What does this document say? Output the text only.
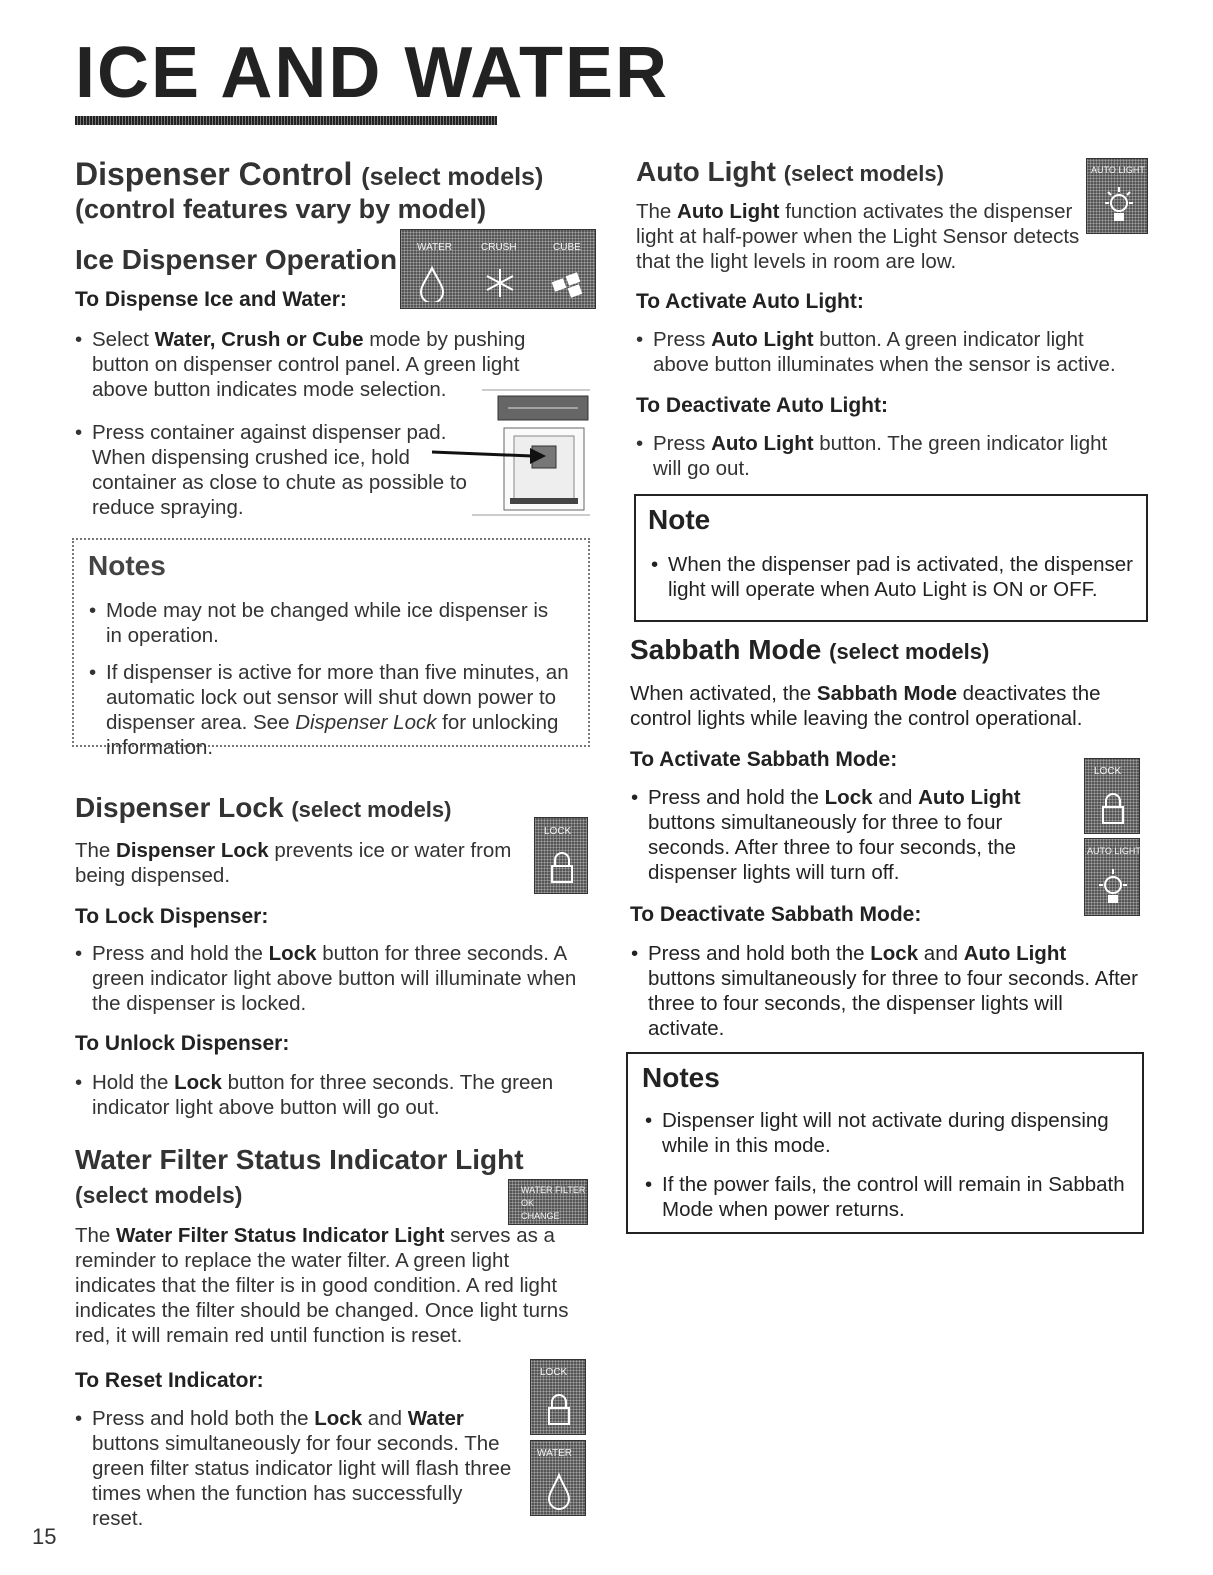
ICE AND WATER
Dispenser Control (select models)
(control features vary by model)
Ice Dispenser Operation WATER	CRUSH	CUBE
To Dispense Ice and Water:
• Select Water, Crush or Cube mode by pushing button on dispenser control panel. A green light above button indicates mode selection.
• Press container against dispenser pad. When dispensing crushed ice, hold container as close to chute as possible to reduce spraying.
Notes
• Mode may not be changed while ice dispenser is in operation.
• If dispenser is active for more than five minutes, an automatic lock out sensor will shut down power to dispenser area. See Dispenser Lock for unlocking information.
Dispenser Lock (select models)
LOCK
The Dispenser Lock prevents ice or water from being dispensed.
To Lock Dispenser:
• Press and hold the Lock button for three seconds. A green indicator light above button will illuminate when the dispenser is locked.
To Unlock Dispenser:
• Hold the Lock button for three seconds. The green indicator light above button will go out.
Water Filter Status Indicator Light
(select models)	WATER FILTER
OK
CHANGE
The Water Filter Status Indicator Light serves as a reminder to replace the water filter. A green light indicates that the filter is in good condition. A red light indicates the filter should be changed. Once light turns red, it will remain red until function is reset.
To Reset Indicator:
• Press and hold both the Lock and Water buttons simultaneously for four seconds. The green filter status indicator light will flash three times when the function has successfully reset.
LOCK
WATER
15
Auto Light (select models)	AUTO LIGHT
The Auto Light function activates the dispenser light at half-power when the Light Sensor detects that the light levels in room are low.
To Activate Auto Light:
• Press Auto Light button. A green indicator light above button illuminates when the sensor is active.
To Deactivate Auto Light:
• Press Auto Light button. The green indicator light will go out.
Note
• When the dispenser pad is activated, the dispenser light will operate when Auto Light is ON or OFF.
Sabbath Mode (select models)
When activated, the Sabbath Mode deactivates the control lights while leaving the control operational.
To Activate Sabbath Mode:
• Press and hold the Lock and Auto Light buttons simultaneously for three to four seconds. After three to four seconds, the dispenser lights will turn off.
LOCK
AUTO LIGHT
To Deactivate Sabbath Mode:
• Press and hold both the Lock and Auto Light buttons simultaneously for three to four seconds. After three to four seconds, the dispenser lights will activate.
Notes
• Dispenser light will not activate during dispensing while in this mode.
• If the power fails, the control will remain in Sabbath Mode when power returns.
